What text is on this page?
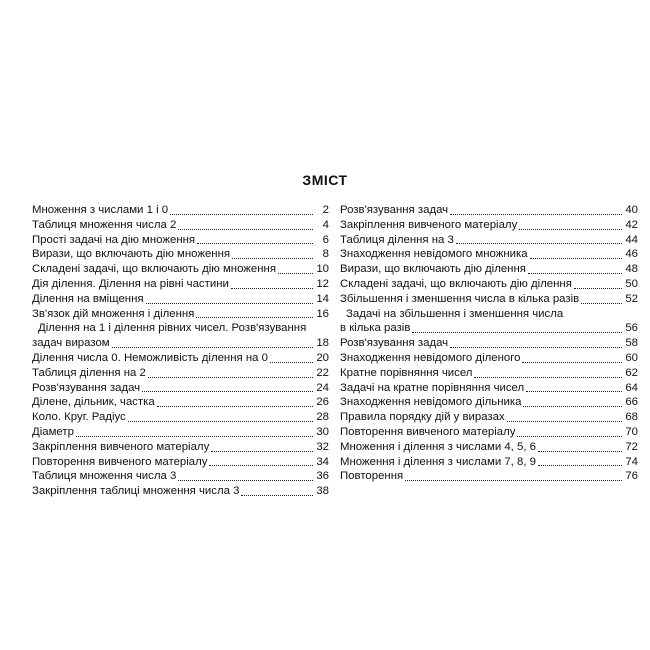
ЗМІСТ
Множення з числами 1 і 0	2
Таблиця множення числа 2	4
Прості задачі на дію множення	6
Вирази, що включають дію множення	8
Складені задачі, що включають дію множення	10
Дія ділення. Ділення на рівні частини	12
Ділення на вміщення	14
Зв'язок дій множення і ділення	16
Ділення на 1 і ділення рівних чисел. Розв'язування
задач виразом	18
Ділення числа 0. Неможливість ділення на 0	20
Таблиця ділення на 2	22
Розв'язування задач	24
Ділене, дільник, частка	26
Коло. Круг. Радіус	28
Діаметр	30
Закріплення вивченого матеріалу	32
Повторення вивченого матеріалу	34
Таблиця множення числа 3	36
Закріплення таблиці множення числа 3	38
Розв'язування задач	40
Закріплення вивченого матеріалу	42
Таблиця ділення на 3	44
Знаходження невідомого множника	46
Вирази, що включають дію ділення	48
Складені задачі, що включають дію ділення	50
Збільшення і зменшення числа в кілька разів	52
Задачі на збільшення і зменшення числа
в кілька разів	56
Розв'язування задач	58
Знаходження невідомого діленого	60
Кратне порівняння чисел	62
Задачі на кратне порівняння чисел	64
Знаходження невідомого дільника	66
Правила порядку дій у виразах	68
Повторення вивченого матеріалу	70
Множення і ділення з числами 4, 5, 6	72
Множення і ділення з числами 7, 8, 9	74
Повторення	76
